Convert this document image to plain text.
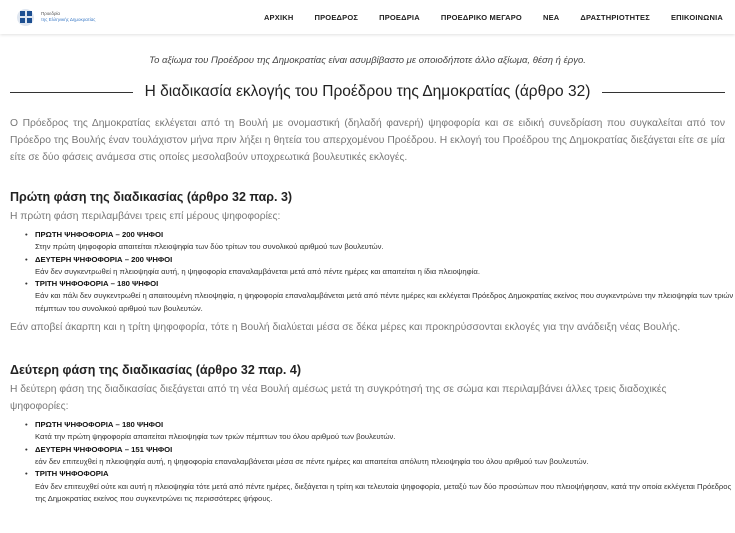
Προεδρία
της Ελληνικής Δημοκρατίας	ΑΡΧΙΚΗ	ΠΡΟΕΔΡΟΣ	ΠΡΟΕΔΡΙΑ	ΠΡΟΕΔΡΙΚΟ ΜΕΓΑΡΟ	ΝΕΑ	ΔΡΑΣΤΗΡΙΟΤΗΤΕΣ	ΕΠΙΚΟΙΝΩΝΙΑ
Το αξίωμα του Προέδρου της Δημοκρατίας είναι ασυμβίβαστο με οποιοδήποτε άλλο αξίωμα, θέση ή έργο.
Η διαδικασία εκλογής του Προέδρου της Δημοκρατίας (άρθρο 32)

Ο Πρόεδρος της Δημοκρατίας εκλέγεται από τη Βουλή με ονομαστική (δηλαδή φανερή) ψηφοφορία και σε ειδική συνεδρίαση που συγκαλείται από τον Πρόεδρο της Βουλής έναν τουλάχιστον μήνα πριν λήξει η θητεία του απερχομένου Προέδρου. Η εκλογή του Προέδρου της Δημοκρατίας διεξάγεται είτε σε μία είτε σε δύο φάσεις ανάμεσα στις οποίες μεσολαβούν υποχρεωτικά βουλευτικές εκλογές.

Πρώτη φάση της διαδικασίας (άρθρο 32 παρ. 3)

Η πρώτη φάση περιλαμβάνει τρεις επί μέρους ψηφοφορίες:

• ΠΡΩΤΗ ΨΗΦΟΦΟΡΙΑ – 200 ΨΗΦΟΙ
Στην πρώτη ψηφοφορία απαιτείται πλειοψηφία των δύο τρίτων του συνολικού αριθμού των βουλευτών.
• ΔΕΥΤΕΡΗ ΨΗΦΟΦΟΡΙΑ – 200 ΨΗΦΟΙ
Εάν δεν συγκεντρωθεί η πλειοψηφία αυτή, η ψηφοφορία επαναλαμβάνεται μετά από πέντε ημέρες και απαιτείται η ίδια πλειοψηφία.
• ΤΡΙΤΗ ΨΗΦΟΦΟΡΙΑ – 180 ΨΗΦΟΙ
Εάν και πάλι δεν συγκεντρωθεί η απαιτουμένη πλειοψηφία, η ψηφοφορία επαναλαμβάνεται μετά από πέντε ημέρες και εκλέγεται Πρόεδρος Δημοκρατίας εκείνος που συγκεντρώνει την πλειοψηφία των τριών πέμπτων του συνολικού αριθμού των βουλευτών.

Εάν αποβεί άκαρπη και η τρίτη ψηφοφορία, τότε η Βουλή διαλύεται μέσα σε δέκα μέρες και προκηρύσσονται εκλογές για την ανάδειξη νέας Βουλής.

Δεύτερη φάση της διαδικασίας (άρθρο 32 παρ. 4)

Η δεύτερη φάση της διαδικασίας διεξάγεται από τη νέα Βουλή αμέσως μετά τη συγκρότησή της σε σώμα και περιλαμβάνει άλλες τρεις διαδοχικές ψηφοφορίες:

• ΠΡΩΤΗ ΨΗΦΟΦΟΡΙΑ – 180 ΨΗΦΟΙ
Κατά την πρώτη ψηφοφορία απαιτείται πλειοψηφία των τριών πέμπτων του όλου αριθμού των βουλευτών.
• ΔΕΥΤΕΡΗ ΨΗΦΟΦΟΡΙΑ – 151 ΨΗΦΟΙ
εάν δεν επιτευχθεί η πλειοψηφία αυτή, η ψηφοφορία επαναλαμβάνεται μέσα σε πέντε ημέρες και απαιτείται απόλυτη πλειοψηφία του όλου αριθμού των βουλευτών.
• ΤΡΙΤΗ ΨΗΦΟΦΟΡΙΑ
Εάν δεν επιτευχθεί ούτε και αυτή η πλειοψηφία τότε μετά από πέντε ημέρες, διεξάγεται η τρίτη και τελευταία ψηφοφορία, μεταξύ των δύο προσώπων που πλειοψήφησαν, κατά την οποία εκλέγεται Πρόεδρος της Δημοκρατίας εκείνος που συγκεντρώνει τις περισσότερες ψήφους.
